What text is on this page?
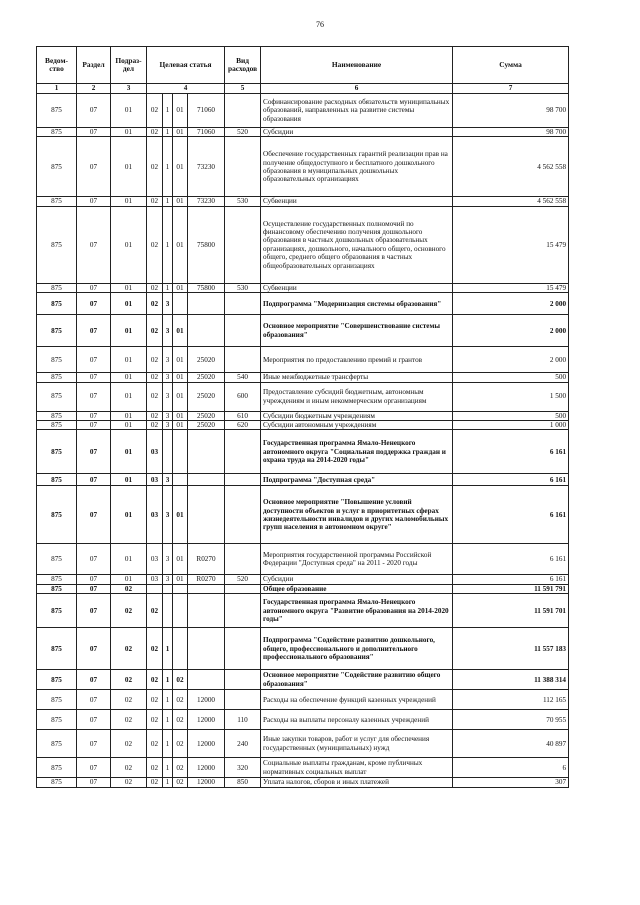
76
Ведом-ство	Раздел	Подраз-дел	Целевая статья				Вид расходов	Наименование	Сумма
1	2	3	4				5	6	7
875	07	01	02	1	01	71060		Софинансирование расходных обязательств муниципальных образований, направленных на развитие системы образования	98 700
875	07	01	02	1	01	71060	520	Субсидии	98 700
875	07	01	02	1	01	73230		Обеспечение государственных гарантий реализации прав на получение общедоступного и бесплатного дошкольного образования в муниципальных дошкольных образовательных организациях	4 562 558
875	07	01	02	1	01	73230	530	Субвенции	4 562 558
875	07	01	02	1	01	75800		Осуществление государственных полномочий по финансовому обеспечению получения дошкольного образования в частных дошкольных образовательных организациях, дошкольного, начального общего, основного общего, среднего общего образования в частных общеобразовательных организациях	15 479
875	07	01	02	1	01	75800	530	Субвенции	15 479
875	07	01	02	3				Подпрограмма "Модернизация системы образования"	2 000
875	07	01	02	3	01			Основное мероприятие "Совершенствование системы образования"	2 000
875	07	01	02	3	01	25020		Мероприятия по предоставлению премий и грантов	2 000
875	07	01	02	3	01	25020	540	Иные межбюджетные трансферты	500
875	07	01	02	3	01	25020	600	Предоставление субсидий бюджетным, автономным учреждениям и иным некоммерческим организациям	1 500
875	07	01	02	3	01	25020	610	Субсидии бюджетным учреждениям	500
875	07	01	02	3	01	25020	620	Субсидии автономным учреждениям	1 000
875	07	01	03					Государственная программа Ямало-Ненецкого автономного округа "Социальная поддержка граждан и охрана труда на 2014-2020 годы"	6 161
875	07	01	03	3				Подпрограмма "Доступная среда"	6 161
875	07	01	03	3	01			Основное мероприятие "Повышение условий доступности объектов и услуг в приоритетных сферах жизнедеятельности инвалидов и других маломобильных групп населения в автономном округе"	6 161
875	07	01	03	3	01	R0270		Мероприятия государственной программы Российской Федерации "Доступная среда" на 2011 - 2020 годы	6 161
875	07	01	03	3	01	R0270	520	Субсидии	6 161
875	07	02						Общее образование	11 591 791
875	07	02	02					Государственная программа Ямало-Ненецкого автономного округа "Развитие образования на 2014-2020 годы"	11 591 701
875	07	02	02	1				Подпрограмма "Содействие развитию дошкольного, общего, профессионального и дополнительного профессионального образования"	11 557 183
875	07	02	02	1	02			Основное мероприятие "Содействие развитию общего образования"	11 388 314
875	07	02	02	1	02	12000		Расходы на обеспечение функций казенных учреждений	112 165
875	07	02	02	1	02	12000	110	Расходы на выплаты персоналу казенных учреждений	70 955
875	07	02	02	1	02	12000	240	Иные закупки товаров, работ и услуг для обеспечения государственных (муниципальных) нужд	40 897
875	07	02	02	1	02	12000	320	Социальные выплаты гражданам, кроме публичных нормативных социальных выплат	6
875	07	02	02	1	02	12000	850	Уплата налогов, сборов и иных платежей	307
